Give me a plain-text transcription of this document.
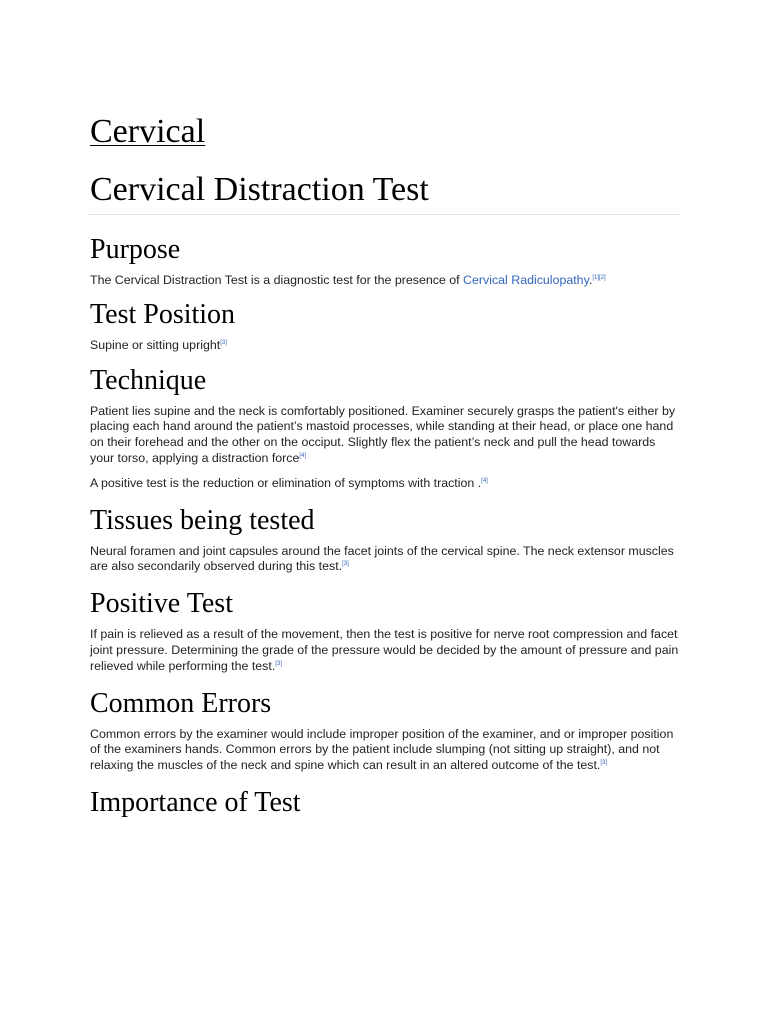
Cervical
Cervical Distraction Test
Purpose

The Cervical Distraction Test is a diagnostic test for the presence of Cervical Radiculopathy.[1][2]

Test Position

Supine or sitting upright[3]

Technique

Patient lies supine and the neck is comfortably positioned. Examiner securely grasps the patient's either by placing each hand around the patient’s mastoid processes, while standing at their head, or place one hand on their forehead and the other on the occiput. Slightly flex the patient’s neck and pull the head towards your torso, applying a distraction force[4]

A positive test is the reduction or elimination of symptoms with traction .[4]

Tissues being tested

Neural foramen and joint capsules around the facet joints of the cervical spine. The neck extensor muscles are also secondarily observed during this test.[3]

Positive Test

If pain is relieved as a result of the movement, then the test is positive for nerve root compression and facet joint pressure. Determining the grade of the pressure would be decided by the amount of pressure and pain relieved while performing the test.[3]

Common Errors

Common errors by the examiner would include improper position of the examiner, and or improper position of the examiners hands. Common errors by the patient include slumping (not sitting up straight), and not relaxing the muscles of the neck and spine which can result in an altered outcome of the test.[3]

Importance of Test
